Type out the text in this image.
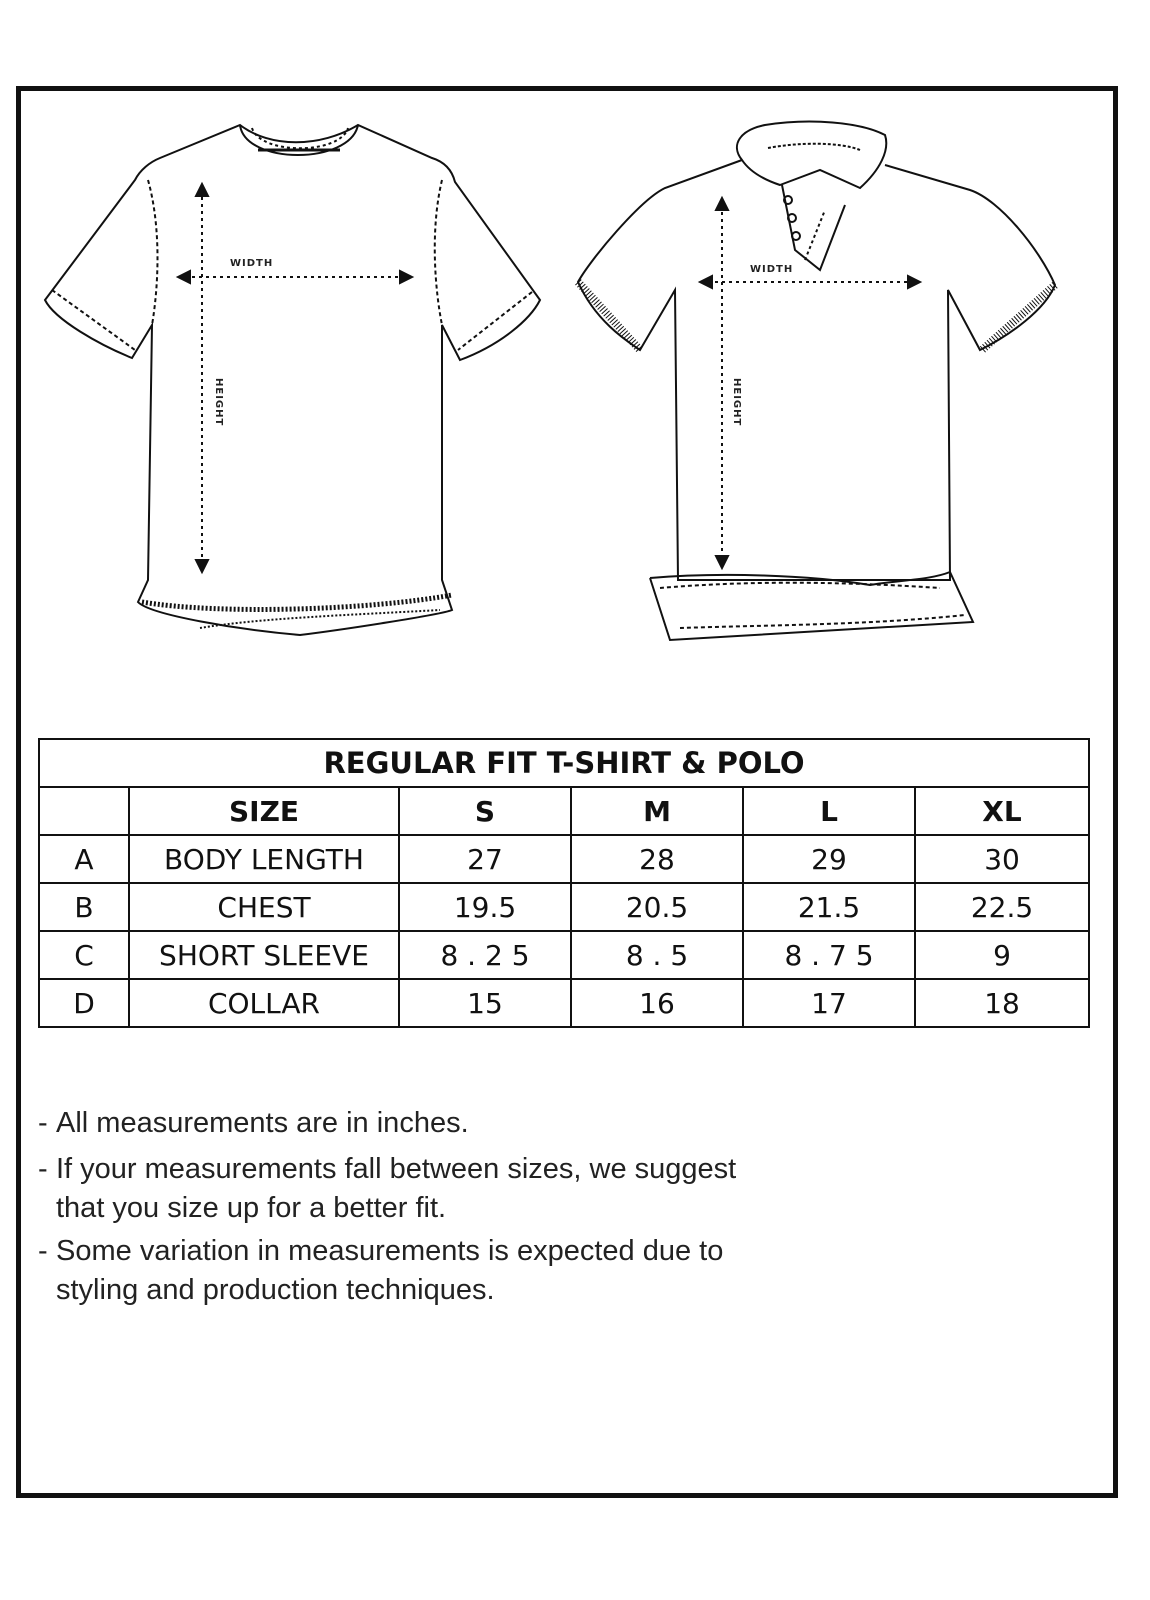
WIDTH
HEIGHT
WIDTH
HEIGHT
REGULAR FIT T-SHIRT & POLO					
	SIZE	S	M	L	XL
A	BODY LENGTH	27	28	29	30
B	CHEST	19.5	20.5	21.5	22.5
C	SHORT SLEEVE	8 . 2 5	8 . 5	8 . 7 5	9
D	COLLAR	15	16	17	18
- All measurements are in inches.
- If your measurements fall between sizes, we suggest
that you size up for a better fit.
- Some variation in measurements is expected due to
styling and production techniques.
